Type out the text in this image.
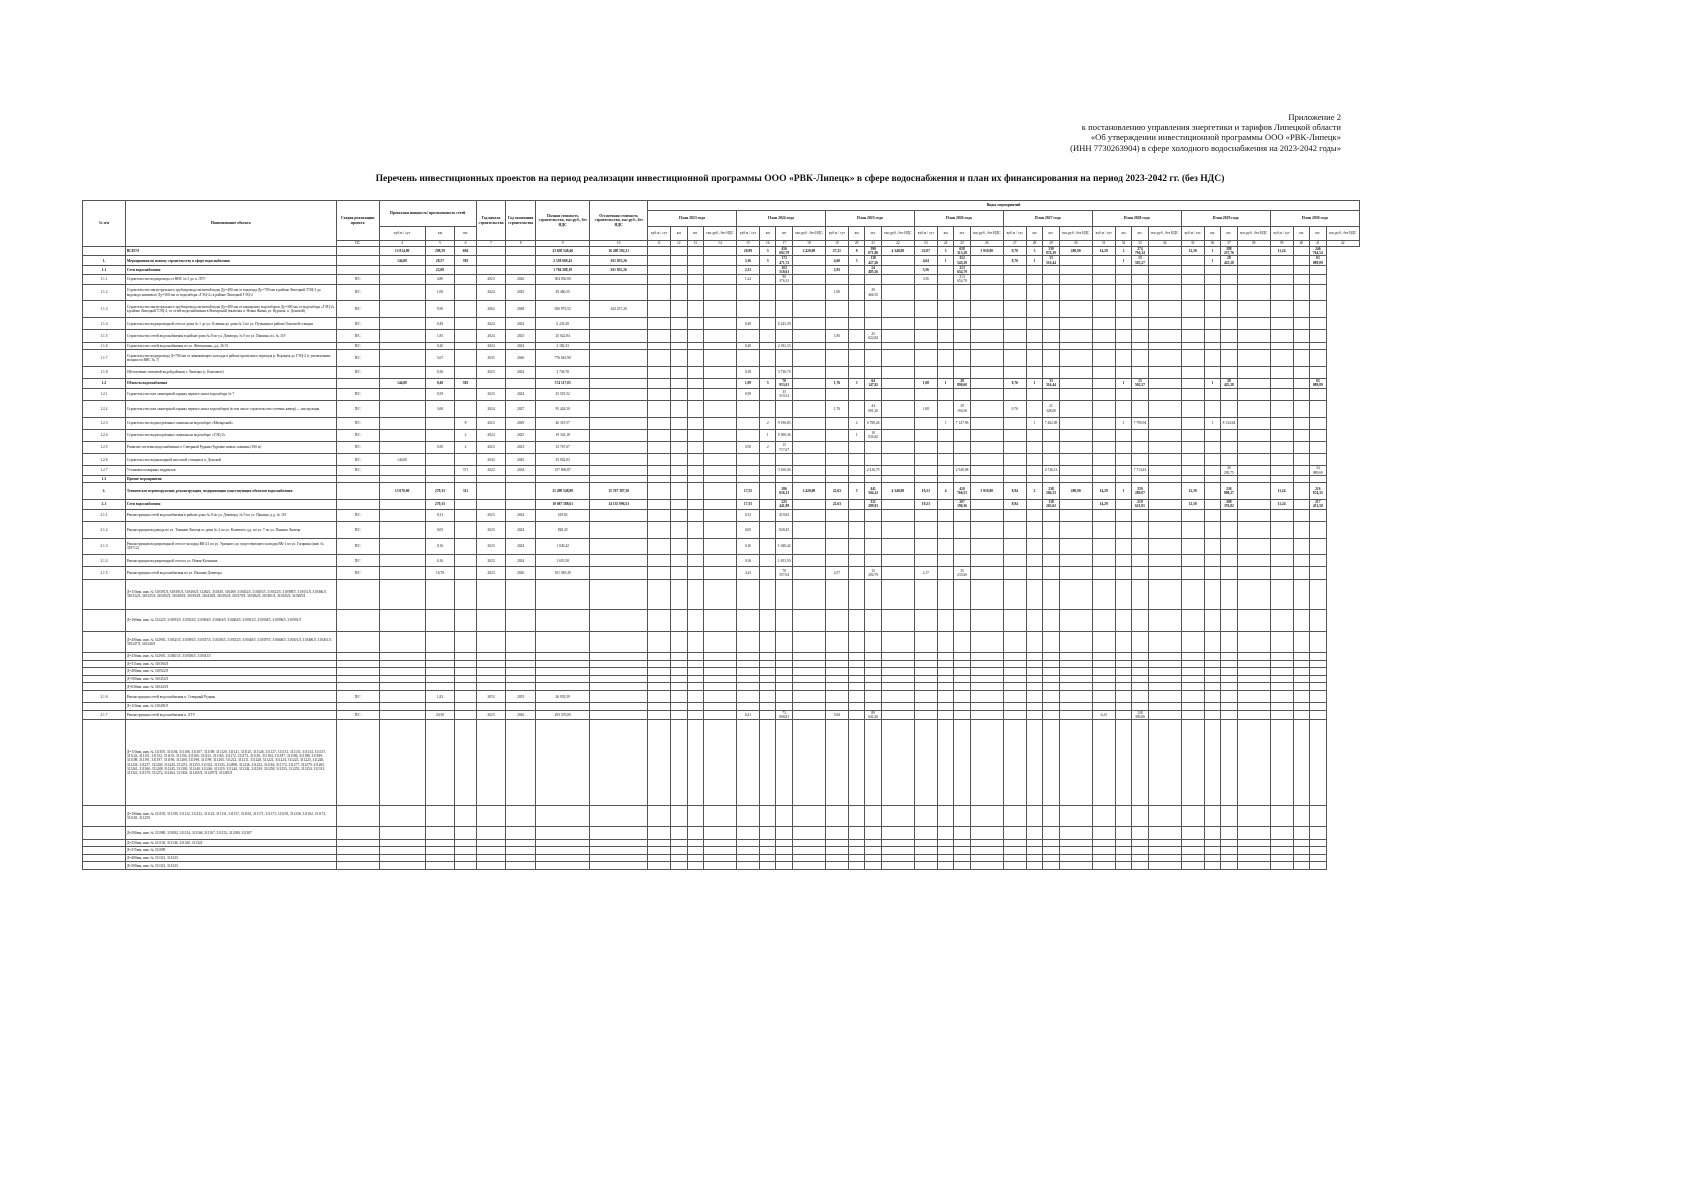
Приложение 2
к постановлению управления энергетики и тарифов Липецкой области
«Об утверждении инвестиционной программы ООО «РВК-Липецк»
(ИНН 7730263904) в сфере холодного водоснабжения на 2023-2042 годы»
Перечень инвестиционных проектов на период реализации инвестиционной программы ООО «РВК-Липецк» в сфере водоснабжения и план их финансирования на период 2023-2042 гг. (без НДС)
№ п/п	Наименование объекта	Стадия реализации проекта	Проектная мощность/ протяженность сетей			Год начала строительства	Год окончания строительства	Полная стоимость строительства, тыс.руб., без НДС	Остаточная стоимость строительства, тыс.руб., без НДС	Виды мероприятий																															
										План 2023 года				План 2024 года				План 2025 года				План 2026 года				План 2027 года				План 2028 года				План 2029 года				План 2030 года			
			куб.м / сут	км	шт.					куб.м / сут	км	шт.	тыс.руб., без НДС	куб.м / сут	км	шт.	тыс.руб., без НДС	куб.м / сут	км	шт.	тыс.руб., без НДС	куб.м / сут	км	шт.	тыс.руб., без НДС	куб.м / сут	км	шт.	тыс.руб., без НДС	куб.м / сут	км	шт.	тыс.руб., без НДС	куб.м / сут	км	шт.	тыс.руб., без НДС	куб.м / сут	км	шт.	тыс.руб., без НДС
		ПС	4	5	6	7	8	9	10	11	12	13	14	15	16	17	18	19	20	21	22	23	24	25	26	27	28	29	30	31	32	33	34	35	36	37	38	39	40	41	42
	ВСЕГО		13 814,00	298,59	694			23 658 548,46	16 208 592,21					20,99	5	456 692,79	2 420,00	27,21	8	590 071,86	4 340,00	22,87	5	658 315,28	5 910,00	9,70	3	339 874,39	200,00	14,29	2	274 794,34		12,50	1	288 237,76		11,24		246 764,54	
1.	Мероприятия по новому строительству в сфере водоснабжения		144,00	28,57	383			2 358 669,43	631 055,26					3,36	5	172 471,72		4,60	3	138 427,26		4,64	1	352 545,29		0,76	1	33 516,44			1	15 505,27			1	28 425,28				03 089,89	
1.1	Сети водоснабжения			23,08				1 784 288,19	631 055,26					2,31		102 518,61		2,83		54 485,56		3,56		213 654,79																	
1.1.1	Строительство водопровода от ВНС № 5 до п. ЛТУ	П/С		4,80		2023	2026	304 030,00						1,24		90 376,33						3,56		213 654,79																	
1.1.2	Строительство магистрального трубопровода питьевой воды Ду=400 мм от водовода Ду=700 мм в районе Липецкой ТЭЦ-2 до водовода ливневого Ду=300 мм от водозабора «ГЭЦ-2» в районе Липецкой ТЭЦ-2	П/С		1,00		2024	2025	29 466,55										1,00		29 466,55																					
1.1.3	Строительство магистрального трубопровода питьевой воды Ду=400 мм от каширских водозаборов Ду=300 мм от водозабора «ГЭЦ-2» в районе Липецкой ТЭЦ-2, от сетей водоснабжения в Матырский (включая п. Новая Жизнь ул. Курчача, п. Донской)	П/С		9,50		2062	2048	656 975,52	623 257,26																																
1.1.4	Строительство водопроводной сети от дома № 1 до ул. Осенняя до дома № 3 по ул. Пучкинна в районе Опытной станции	П/С		0,49		2024	2024	6 243,49						0,49		6 243,39																									
1.1.5	Строительство сетей водоснабжения в районе дома № 8 по ул. Доватора, № 9 по ул. Пашина, пл. № 119	П/С		1,85		2024	2025	25 022,84										1,85		25 022,84																					
1.1.6	Строительство сетей водоснабжения по ул. Жемчужная, д.д. 26-51	П/С		0,20		2024	2024	2 182,33						0,20		2 182,33																									
1.1.7	Строительство водопровода Д=700 мм от замыкающего колодца в районе проектного перехода р. Воронеж до ГЭЦ-2 (с увеличением мощности ВНС № 7)	П/С		5,67		2035	2040	776 643,90																																	
1.1.8	Обеспечение питьевой водой районов г. Липецка (с. Ключевое)	П/С		0,36		2023	2024	3 736,70						0,38		3 736,70																									
1.2	Объекты водоснабжения		144,00	0,49	383			574 117,83						1,09	5	70 953,01		1,76	3	64 147,82		1,08	1	28 890,60		0,76	1	33 516,44			1	15 505,27			1	28 425,28				03 089,89	
1.2.1	Строительство или санитарной охраны первого пояса водозабора № 7	П/С		0,59		2023	2024	35 519,52						0,59		35 519,52																									
1.2.2	Строительство или санитарной охраны первого пояса водозаборов (в том числе строительство сетевых камер) — инструкция	П/С		3,60		2024	2027	95 424,50										1,76		44 901,20		1,08		29 194,56		0,76		21 328,00													
1.2.3	Строительство водоподъёмных скважин на водозаборе «Матырский»	П/С			8	2023	2029	46 319,57							2	9 196,83			2	6 788,26			1	7 147,96			1	7 462,49			1	7 790,94			1	8 134,64					
1.2.4	Строительство водоподъёмных скважин на водозаборе «ГЭЦ-2»	П/С			2	2024	2025	19 343,18							1	9 308,36			1	10 034,82																					
1.2.5	Развитие системы водоснабжения п. Северный Рудник (бурение новых скважин (100 м)	П/С		0,50	2	2023	2023	33 767,67						0,50	2	15 717,67																									
1.2.6	Строительство водонапорной насосной станции в п. Донской	П/С	144,00			2044	2045	35 942,03																																	
1.2.7	Установка пожарных гидрантов	П/С			371	2023	2034	157 690,87								3 160,04				2 416,79				2 540,08				4 726,13				7 714,43				30 295,75				34 089,69	
1.3	Прочие мероприятия																																								
2.	Техническое перевооружение, реконструкция, модернизация существующих объектов водоснабжения		13 670,00	270,33	311			21 299 548,88	15 767 397,50					17,55		286 656,13	2 420,00	22,63	5	441 504,22	4 340,00	19,23	4	410 766,53	5 910,00	8,94	2	238 284,33	200,00	14,29	1	259 289,07		12,50		226 808,27		11,24		216 674,35	
2.1	Сети водоснабжения			270,33				10 687 588,61	14 135 096,53					17,55		225 441,99		22,63		331 289,91		19,23		207 196,36		8,94		138 263,62		14,29		219 621,81		12,50		208 376,82		11,24		217 431,50	
2.1.1	Реконструкция сетей водоснабжения в районе дома № 8 по ул. Доватора, № 9 по ул. Пашина, д.д. № 119	П/С		0,13		2023	2024	419,82						0,13		419,82																									
2.1.2	Реконструкция водовода по ул. Таманов Липецк от дома № 2 по ул. Кошевого д.д. по ул. 7 по ул. Пашина Липецк	П/С		0,05		2023	2024	828,45						0,05		828,45																									
2.1.3	Реконструкция водопроводной сети от колодца ВК-21 по ул. Урицкого до существующего колодца ВК-1 по ул. Гагарина (инв. № 319712)	П/С		0,16		2023	2024	1 040,42						0,16		1 040,42																									
2.1.4	Реконструкция водопроводной сети по ул. Новая Ксеннина	П/С		0,16		2023	2024	1 653,50						0,16		1 653,50																									
2.1.5	Реконструкция сетей водоснабжения по ул. Пашина-Доватора	П/С		16,78		2023	2026	101 585,49						4,23		70 557,04		4,57		15 294,79		2,17		35 233,66																	
	Д=110мм, инв. № 310391Л, 310393Л, 310456Л, 312821, 310430, 310469, 310452Л, 310455Л, 310321Л, 310390Л, 310351Л, 310366Л, 310332Л, 310325Л, 310392Л, 310400Л, 310394Л, 310430Л, 310392Л, 310379Л, 310382Л, 310381Л, 310345Л, 310385Л																																								
	Д=160мм, инв. № 312225, 310393Л, 310352Л, 310394Л, 310463Л, 310404Л, 310391Л, 310394Л, 310396Л, 310393Л																																								
	Д=200мм, инв. № 312901, 310325Л, 310395Л, 310337Л, 310330Л, 310352Л, 310340Л, 310397Л, 310406Л, 310301Л, 310406Л, 310401Л, 310347Л, 310340Л																																								
	Д=250мм, инв. № 312901, 310401Л, 310356Л, 310341Л																																								
	Д=315мм, инв. № 310394Л																																								
	Д=400мм, инв. № 310922Л																																								
	Д=500мм, инв. № 310454Л																																								
	Д=630мм, инв. № 310443Л																																								
2.1.6	Реконструкция сетей водоснабжения п. Северный Рудник	П/С		1,82		2053	2053	26 935,59																																	
	Д=110мм, инв. № 310439Л																																								
2.1.7	Реконструкция сетей водоснабжения п. ЛТУ	П/С		20,58		2023	2026	293 376,00						6,41		72 808,81		5,84		89 642,20										6,23		128 390,06									
	Д=110мм, инв. № 311105, 311104, 311106, 311107, 311109, 311120, 311121, 311125, 311126, 311127, 311131, 311131, 311134, 311137, 311143, 311151, 311152, 311155, 311156, 311160, 311161, 311165, 311172, 311173, 311181, 311184, 311187, 311186, 311188, 311189, 311198, 311191, 311197, 311196, 311200, 311198, 311199, 311205, 311212, 311211, 311220, 311221, 311224, 311223, 311225, 311226, 311234, 311237, 311240, 311243, 311251, 311253, 311332, 311333, 312850, 311236, 311232, 311162, 311172, 311277, 311279, 311265, 311261, 311260, 311248, 311245, 311330, 311240, 311246, 311219, 311244, 311242, 311250, 311258, 311253, 311252, 311254, 311315, 311323, 311379, 311272, 311264, 311302, 311265Л, 311297Л, 311285Л																																								
	Д=160мм, инв. № 311105, 311109, 311112, 311122, 311123, 311131, 311137, 311163, 311171, 311173, 311193, 311236, 311162, 311172, 311165, 311259																																								
	Д=200мм, инв. № 311080, 311082, 311124, 311168, 311167, 311152, 311280, 311307																																								
	Д=250мм, инв. № 311130, 311146, 311320, 311322																																								
	Д=315мм, инв. № 311099																																								
	Д=400мм, инв. № 311321, 311323																																								
	Д=500мм, инв. № 311321, 311323																																								
